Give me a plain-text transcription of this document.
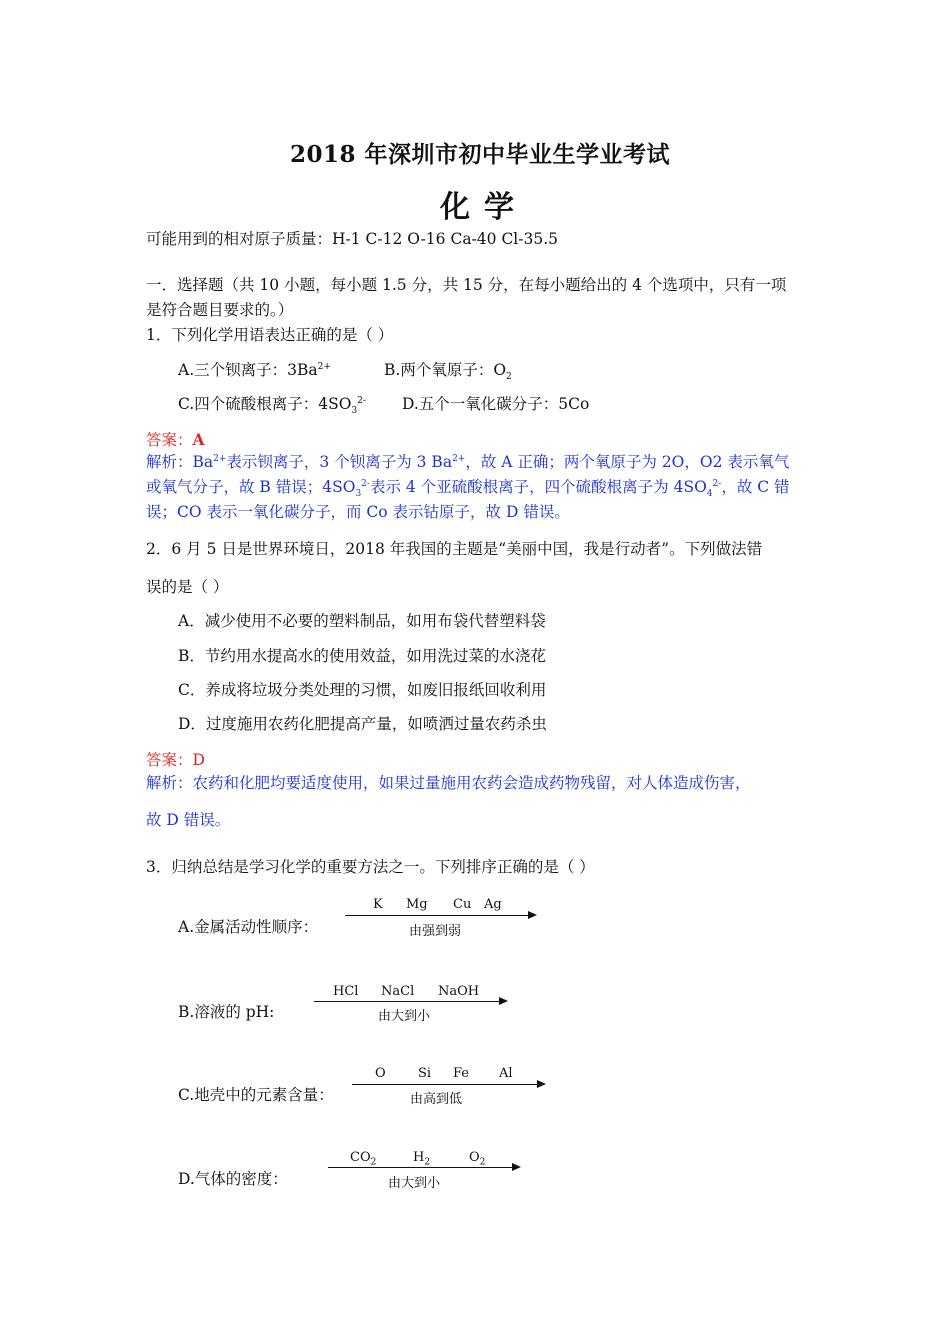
2018 年深圳市初中毕业生学业考试
化学
可能用到的相对原子质量：H-1 C-12 O-16 Ca-40 Cl-35.5
一．选择题（共 10 小题，每小题 1.5 分，共 15 分，在每小题给出的 4 个选项中，只有一项
是符合题目要求的。）
1．下列化学用语表达正确的是（ ）
A.三个钡离子：$3Ba^{2+}$	B.两个氧原子：$O_2$
C.四个硫酸根离子：$4SO_3^{2-}$ D.五个一氧化碳分子：5Co
答案：A
解析：$Ba^{2+}$表示钡离子，3 个钡离子为 3 $Ba^{2+}$，故 A 正确；两个氧原子为 2O，O2 表示氧气
或氧气分子，故 B 错误；$4SO_3^{2-}$表示 4 个亚硫酸根离子，四个硫酸根离子为 $4SO_4^{2-}$，故 C 错
误；CO 表示一氧化碳分子，而 Co 表示钴原子，故 D 错误。
2．6 月 5 日是世界环境日，2018 年我国的主题是“美丽中国，我是行动者”。下列做法错
误的是（ ）
A．减少使用不必要的塑料制品，如用布袋代替塑料袋
B．节约用水提高水的使用效益，如用洗过菜的水浇花
C．养成将垃圾分类处理的习惯，如废旧报纸回收利用
D．过度施用农药化肥提高产量，如喷洒过量农药杀虫
答案：D
解析：农药和化肥均要适度使用，如果过量施用农药会造成药物残留，对人体造成伤害，
故 D 错误。
3．归纳总结是学习化学的重要方法之一。下列排序正确的是（ ）
A.金属活动性顺序：
K Mg Cu Ag
由强到弱
B.溶液的 pH:
HCl NaCl NaOH
由大到小
C.地壳中的元素含量：
O Si Fe Al
由高到低
D.气体的密度：
$CO_2$	$H_2$	$O_2$
由大到小
